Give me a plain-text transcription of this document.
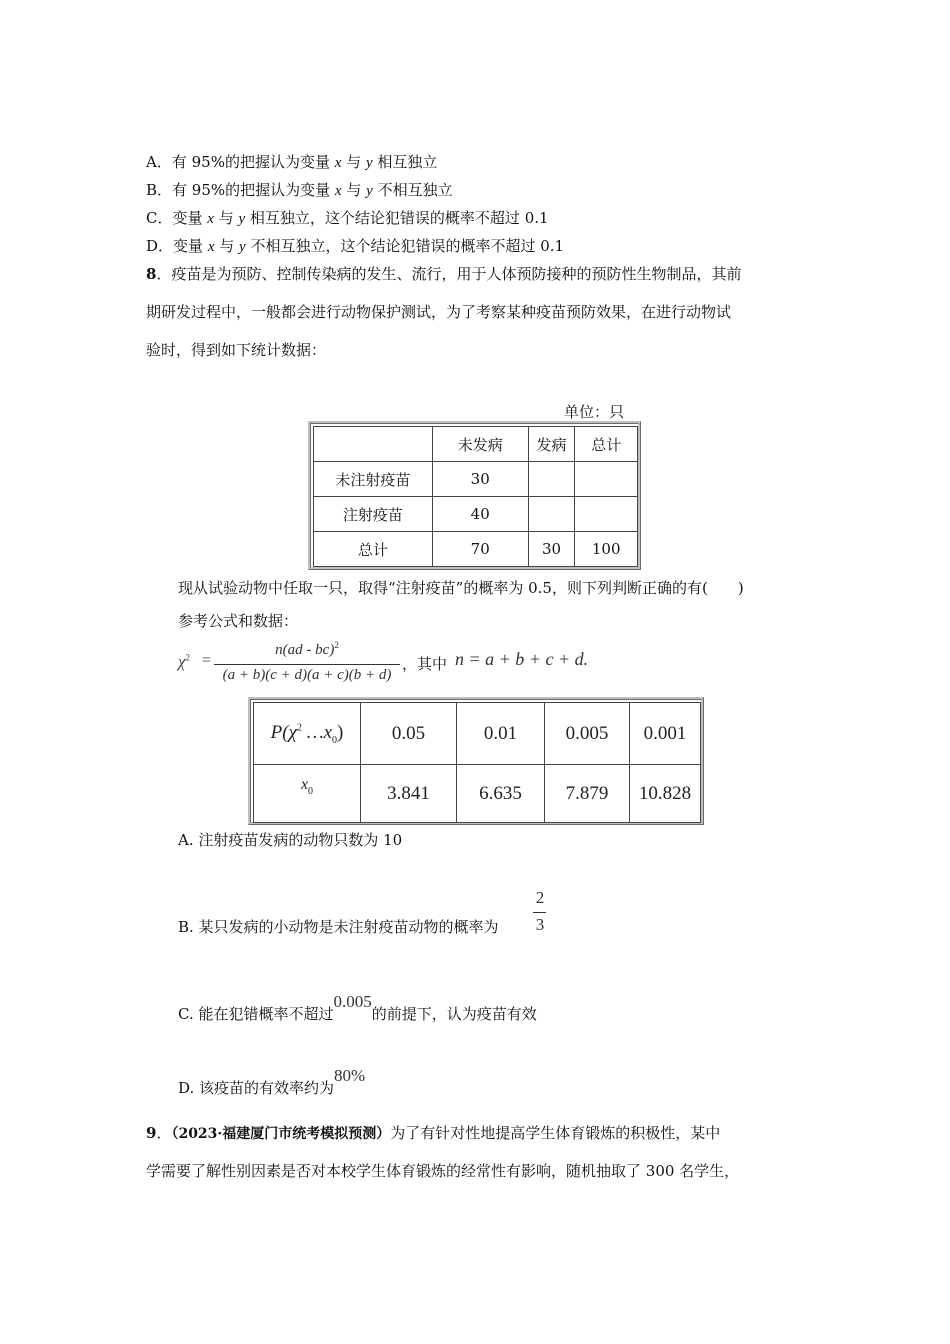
A．有 95%的把握认为变量 x 与 y 相互独立
B．有 95%的把握认为变量 x 与 y 不相互独立
C．变量 x 与 y 相互独立，这个结论犯错误的概率不超过 0.1
D．变量 x 与 y 不相互独立，这个结论犯错误的概率不超过 0.1
8．疫苗是为预防、控制传染病的发生、流行，用于人体预防接种的预防性生物制品，其前
期研发过程中，一般都会进行动物保护测试，为了考察某种疫苗预防效果，在进行动物试
验时，得到如下统计数据：
单位：只
	未发病	发病	总计
未注射疫苗	30		
注射疫苗	40		
总计	70	30	100
现从试验动物中任取一只，取得“注射疫苗”的概率为 0.5，则下列判断正确的有(　　)
参考公式和数据：
$\chi^2$ =
n(ad - bc)$^2$
(a + b)(c + d)(a + c)(b + d)
，其中 n = a + b + c + d.
$P(\chi^2$ $\dots x_0$)	0.05	0.01	0.005	0.001
$x_0$	3.841	6.635	7.879	10.828
A. 注射疫苗发病的动物只数为 10
B. 某只发病的小动物是未注射疫苗动物的概率为
2
3
C. 能在犯错概率不超过0.005的前提下，认为疫苗有效
D. 该疫苗的有效率约为80%
9．（2023·福建厦门市统考模拟预测）为了有针对性地提高学生体育锻炼的积极性，某中
学需要了解性别因素是否对本校学生体育锻炼的经常性有影响，随机抽取了 300 名学生，
